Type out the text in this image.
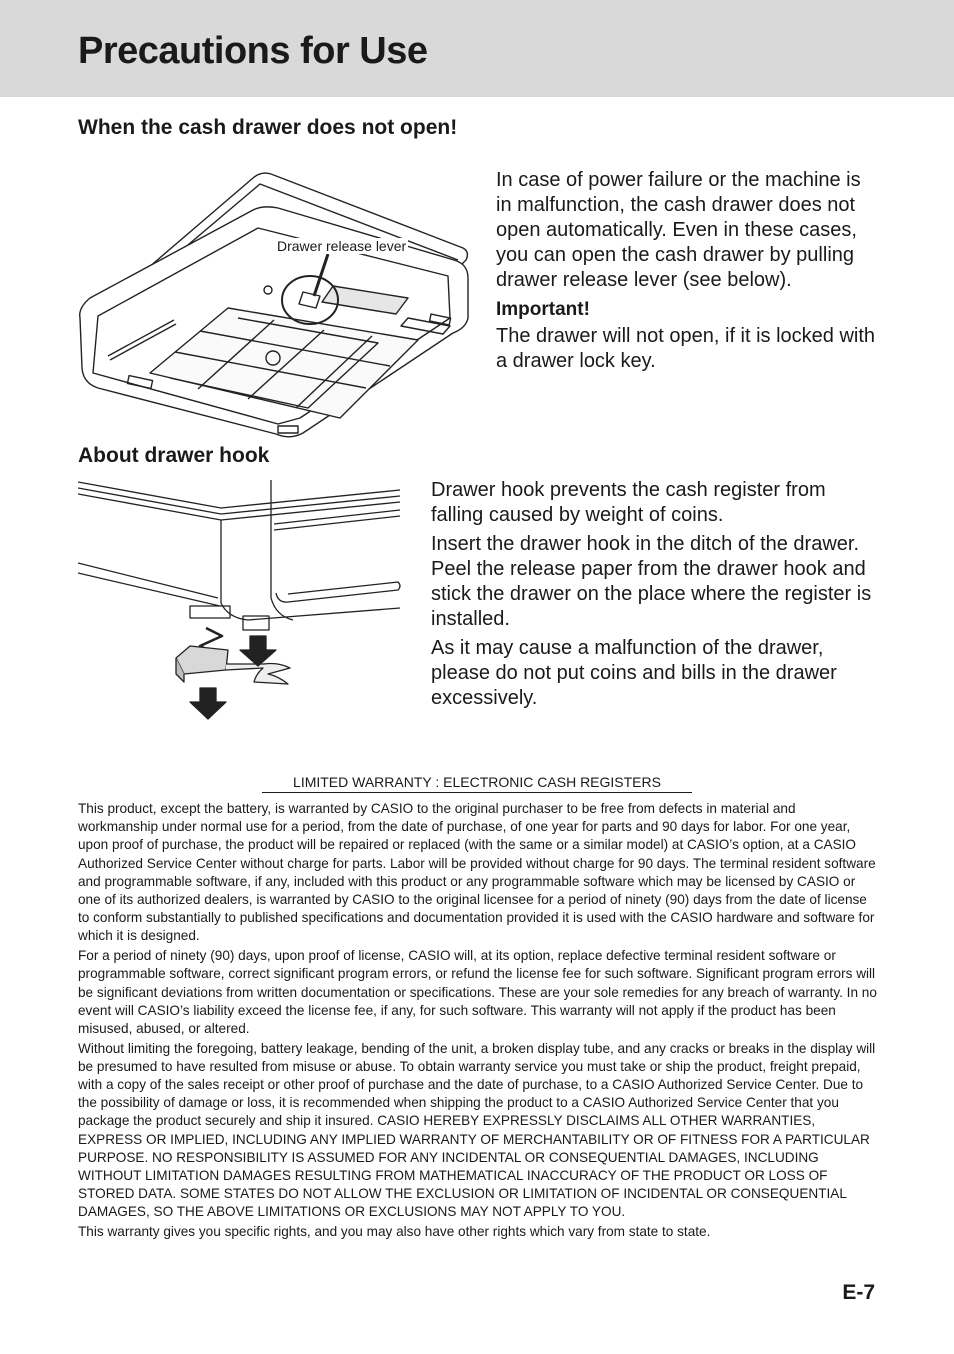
Precautions for Use
When the cash drawer does not open!
Drawer release lever

In case of power failure or the machine is in malfunction, the cash drawer does not open automatically. Even in these cases, you can open the cash drawer by pulling drawer release lever (see below).

Important!

The drawer will not open, if it is locked with a drawer lock key.

About drawer hook

Drawer hook prevents the cash register from falling caused by weight of coins.

Insert the drawer hook in the ditch of the drawer. Peel the release paper from the drawer hook and stick the drawer on the place where the register is installed.

As it may cause a malfunction of the drawer, please do not put coins and bills in the drawer excessively.

LIMITED WARRANTY : ELECTRONIC CASH REGISTERS

This product, except the battery, is warranted by CASIO to the original purchaser to be free from defects in material and workmanship under normal use for a period, from the date of purchase, of one year for parts and 90 days for labor. For one year, upon proof of purchase, the product will be repaired or replaced (with the same or a similar model) at CASIO’s option, at a CASIO Authorized Service Center without charge for parts. Labor will be provided without charge for 90 days. The terminal resident software and programmable software, if any, included with this product or any programmable software which may be licensed by CASIO or one of its authorized dealers, is warranted by CASIO to the original licensee for a period of ninety (90) days from the date of license to conform substantially to published specifications and documentation provided it is used with the CASIO hardware and software for which it is designed.

For a period of ninety (90) days, upon proof of license, CASIO will, at its option, replace defective terminal resident software or programmable software, correct significant program errors, or refund the license fee for such software. Significant program errors will be significant deviations from written documentation or specifications. These are your sole remedies for any breach of warranty. In no event will CASIO’s liability exceed the license fee, if any, for such software. This warranty will not apply if the product has been misused, abused, or altered.

Without limiting the foregoing, battery leakage, bending of the unit, a broken display tube, and any cracks or breaks in the display will be presumed to have resulted from misuse or abuse. To obtain warranty service you must take or ship the product, freight prepaid, with a copy of the sales receipt or other proof of purchase and the date of purchase, to a CASIO Authorized Service Center. Due to the possibility of damage or loss, it is recommended when shipping the product to a CASIO Authorized Service Center that you package the product securely and ship it insured. CASIO HEREBY EXPRESSLY DISCLAIMS ALL OTHER WARRANTIES, EXPRESS OR IMPLIED, INCLUDING ANY IMPLIED WARRANTY OF MERCHANTABILITY OR OF FITNESS FOR A PARTICULAR PURPOSE. NO RESPONSIBILITY IS ASSUMED FOR ANY INCIDENTAL OR CONSEQUENTIAL DAMAGES, INCLUDING WITHOUT LIMITATION DAMAGES RESULTING FROM MATHEMATICAL INACCURACY OF THE PRODUCT OR LOSS OF STORED DATA. SOME STATES DO NOT ALLOW THE EXCLUSION OR LIMITATION OF INCIDENTAL OR CONSEQUENTIAL DAMAGES, SO THE ABOVE LIMITATIONS OR EXCLUSIONS MAY NOT APPLY TO YOU.

This warranty gives you specific rights, and you may also have other rights which vary from state to state.

E-7
